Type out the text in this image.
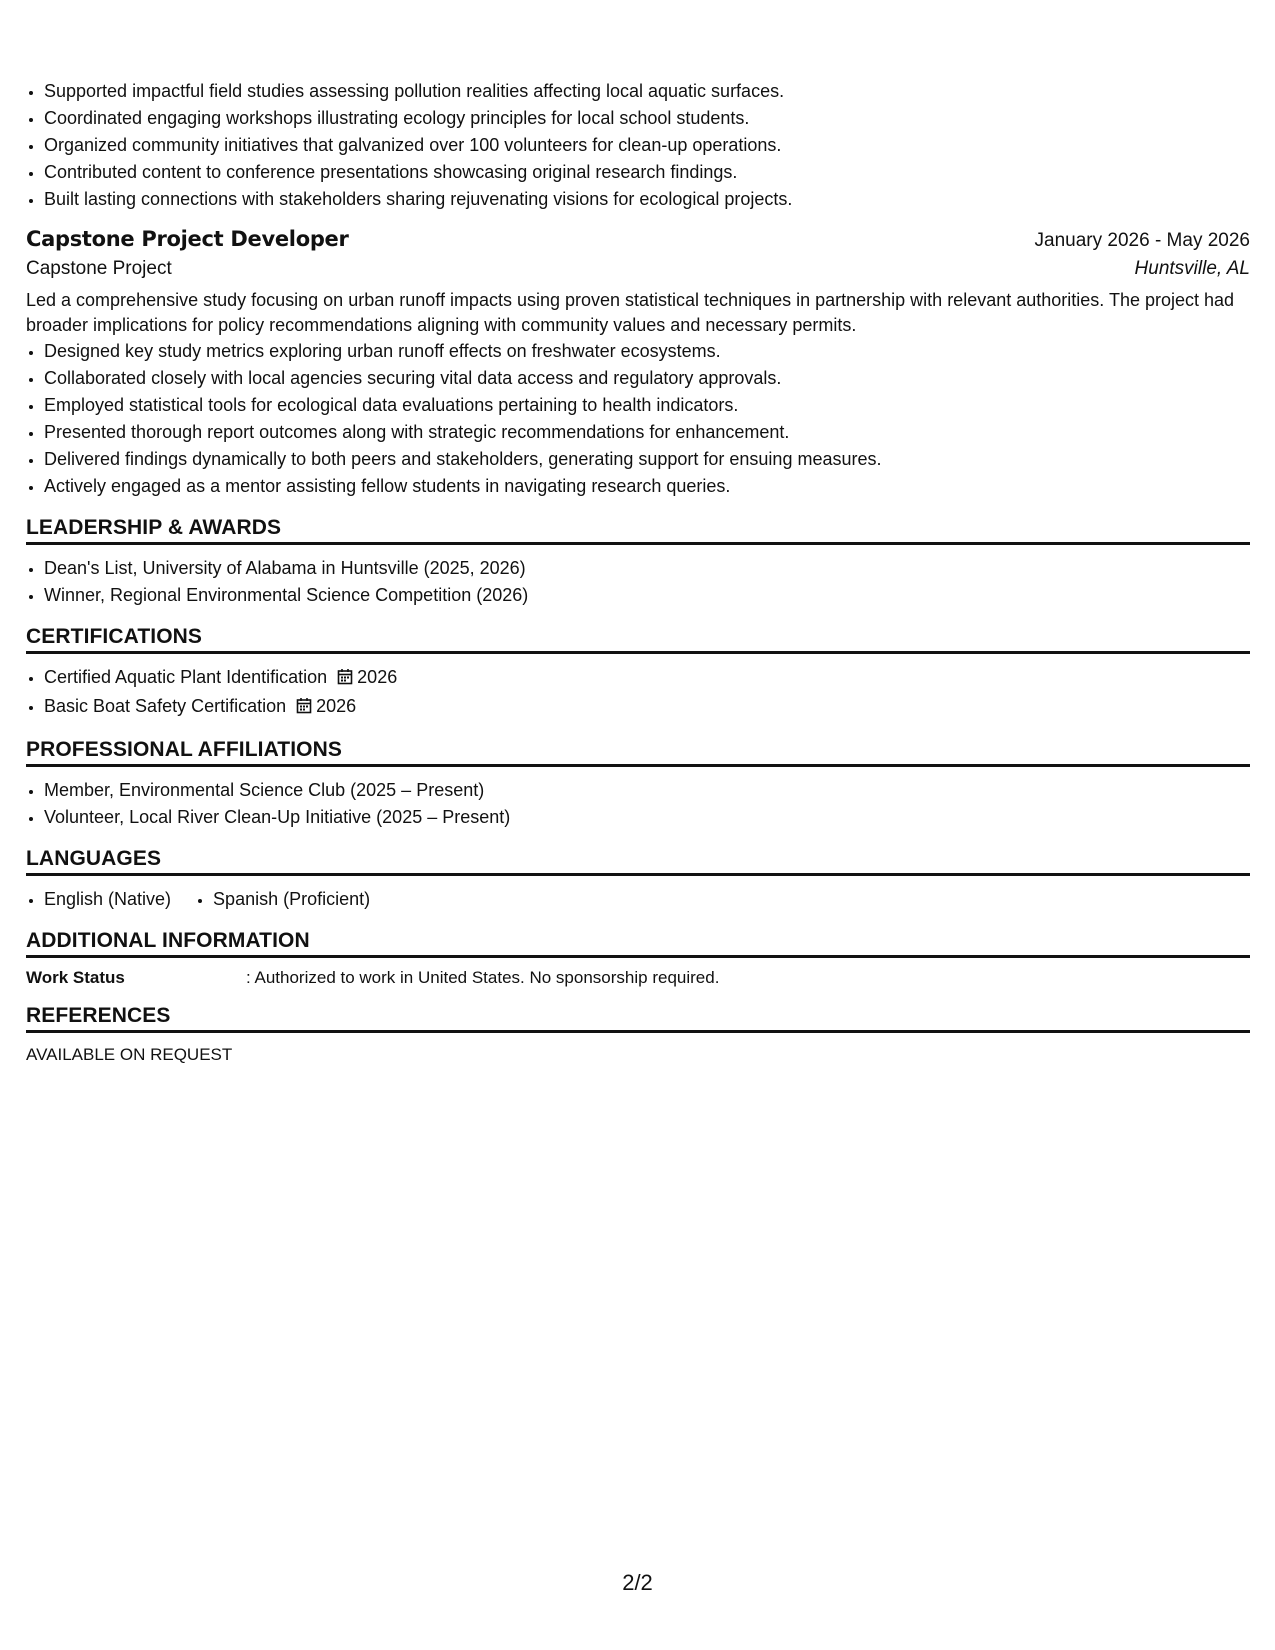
• Supported impactful field studies assessing pollution realities affecting local aquatic surfaces.
• Coordinated engaging workshops illustrating ecology principles for local school students.
• Organized community initiatives that galvanized over 100 volunteers for clean-up operations.
• Contributed content to conference presentations showcasing original research findings.
• Built lasting connections with stakeholders sharing rejuvenating visions for ecological projects.
Capstone Project Developer	January 2026 - May 2026
Capstone Project	Huntsville, AL
Led a comprehensive study focusing on urban runoff impacts using proven statistical techniques in partnership with relevant authorities. The project had broader implications for policy recommendations aligning with community values and necessary permits.
• Designed key study metrics exploring urban runoff effects on freshwater ecosystems.
• Collaborated closely with local agencies securing vital data access and regulatory approvals.
• Employed statistical tools for ecological data evaluations pertaining to health indicators.
• Presented thorough report outcomes along with strategic recommendations for enhancement.
• Delivered findings dynamically to both peers and stakeholders, generating support for ensuing measures.
• Actively engaged as a mentor assisting fellow students in navigating research queries.
LEADERSHIP & AWARDS
• Dean's List, University of Alabama in Huntsville (2025, 2026)
• Winner, Regional Environmental Science Competition (2026)
CERTIFICATIONS
• Certified Aquatic Plant Identification 2026
• Basic Boat Safety Certification 2026
PROFESSIONAL AFFILIATIONS
• Member, Environmental Science Club (2025 – Present)
• Volunteer, Local River Clean-Up Initiative (2025 – Present)
LANGUAGES
• English (Native)
• Spanish (Proficient)
ADDITIONAL INFORMATION
Work Status	: Authorized to work in United States. No sponsorship required.
REFERENCES
AVAILABLE ON REQUEST
2/2
